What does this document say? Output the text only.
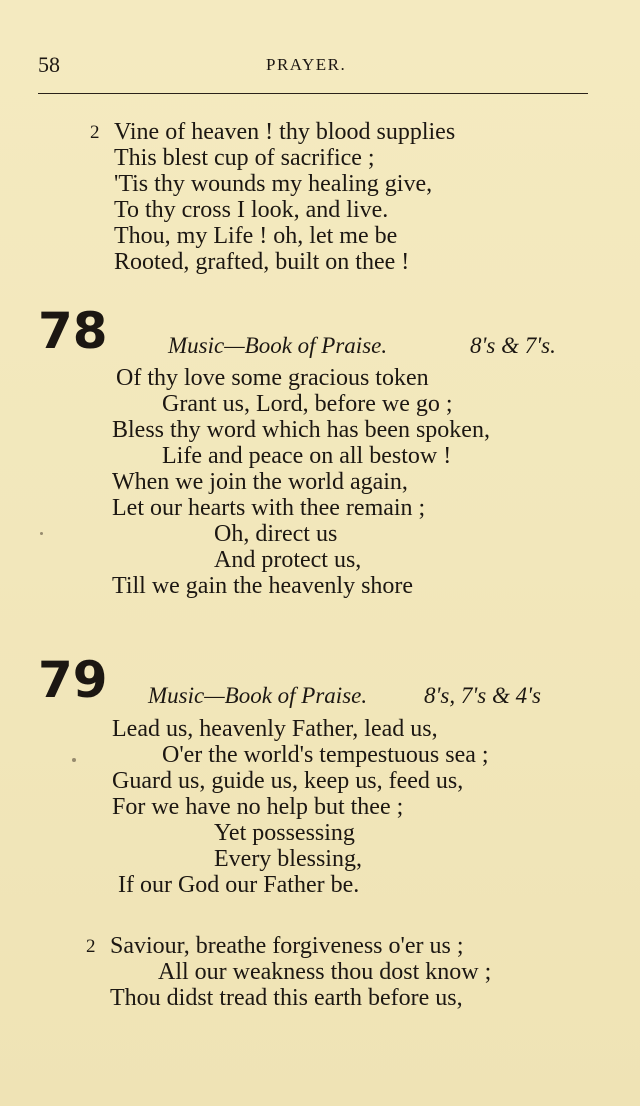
58	PRAYER.
2 Vine of heaven ! thy blood supplies
This blest cup of sacrifice ;
'Tis thy wounds my healing give,
To thy cross I look, and live.
Thou, my Life ! oh, let me be
Rooted, grafted, built on thee !
78	Music—Book of Praise.	8's & 7's.
Of thy love some gracious token
Grant us, Lord, before we go ;
Bless thy word which has been spoken,
Life and peace on all bestow !
When we join the world again,
Let our hearts with thee remain ;
Oh, direct us
And protect us,
Till we gain the heavenly shore
79 Music—Book of Praise. 8's, 7's & 4's
Lead us, heavenly Father, lead us,
O'er the world's tempestuous sea ;
Guard us, guide us, keep us, feed us,
For we have no help but thee ;
Yet possessing
Every blessing,
If our God our Father be.
2 Saviour, breathe forgiveness o'er us ;
All our weakness thou dost know ;
Thou didst tread this earth before us,
